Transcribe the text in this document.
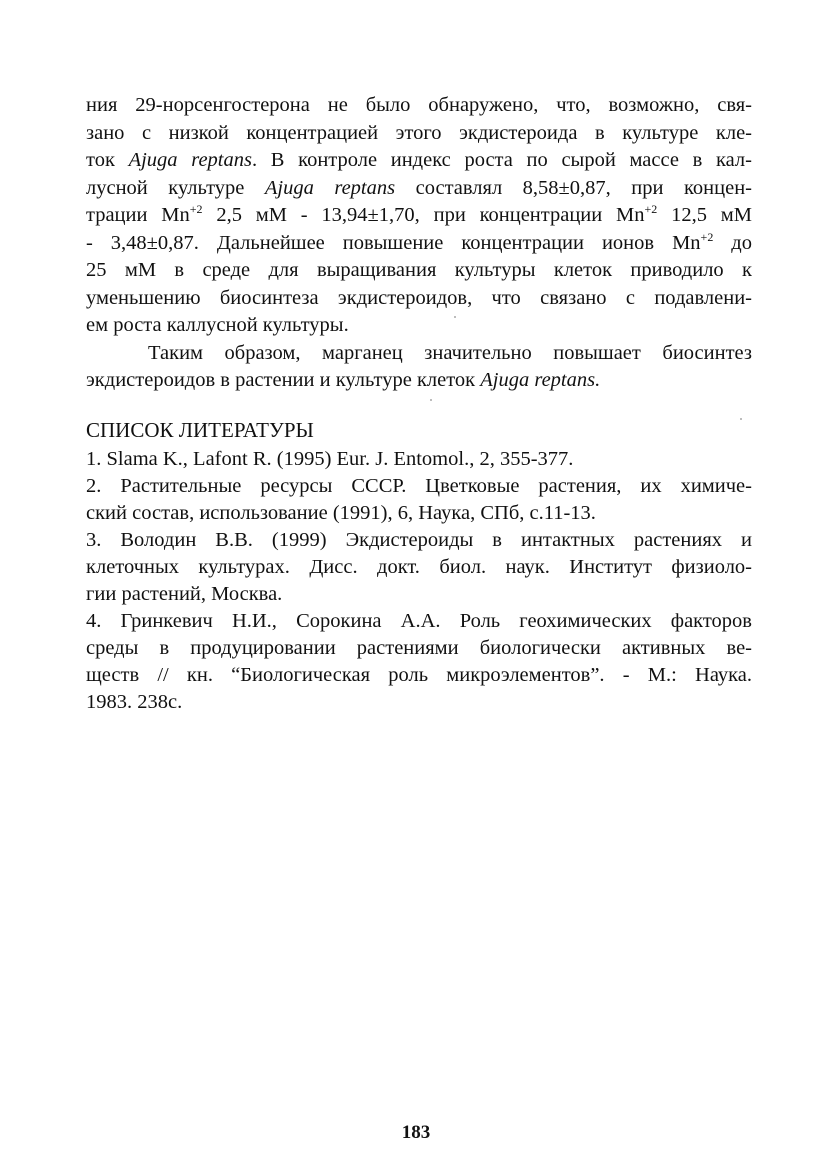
ния 29-норсенгостерона не было обнаружено, что, возможно, свя-
зано с низкой концентрацией этого экдистероида в культуре кле-
ток Ajuga reptans. В контроле индекс роста по сырой массе в кал-
лусной культуре Ajuga reptans составлял 8,58±0,87, при концен-
трации $Mn^{+2}$ 2,5 мМ - 13,94±1,70, при концентрации $Mn^{+2}$ 12,5 мМ
- 3,48±0,87. Дальнейшее повышение концентрации ионов $Mn^{+2}$ до
25 мМ в среде для выращивания культуры клеток приводило к
уменьшению биосинтеза экдистероидов, что связано с подавлени-
ем роста каллусной культуры.
Таким образом, марганец значительно повышает биосинтез
экдистероидов в растении и культуре клеток Ajuga reptans.
СПИСОК ЛИТЕРАТУРЫ
1. Slama K., Lafont R. (1995) Eur. J. Entomol., 2, 355-377.
2. Растительные ресурсы СССР. Цветковые растения, их химиче-
ский состав, использование (1991), 6, Наука, СПб, с.11-13.
3. Володин В.В. (1999) Экдистероиды в интактных растениях и
клеточных культурах. Дисс. докт. биол. наук. Институт физиоло-
гии растений, Москва.
4. Гринкевич Н.И., Сорокина А.А. Роль геохимических факторов
среды в продуцировании растениями биологически активных ве-
ществ // кн. “Биологическая роль микроэлементов”. - М.: Наука.
1983. 238с.
183
